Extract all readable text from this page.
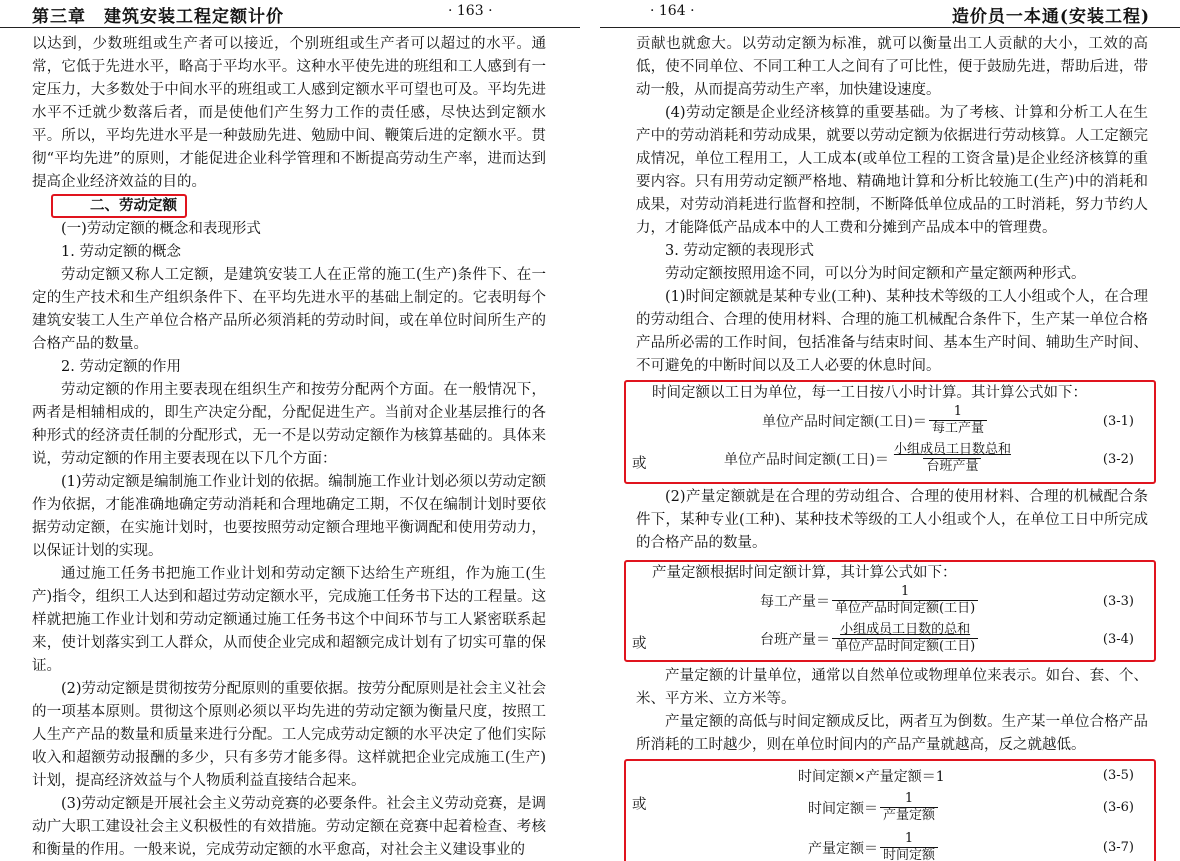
第三章　建筑安装工程定额计价	· 163 ·

以达到，少数班组或生产者可以接近，个别班组或生产者可以超过的水平。通常，它低于先进水平，略高于平均水平。这种水平使先进的班组和工人感到有一定压力，大多数处于中间水平的班组或工人感到定额水平可望也可及。平均先进水平不迁就少数落后者，而是使他们产生努力工作的责任感，尽快达到定额水平。所以，平均先进水平是一种鼓励先进、勉励中间、鞭策后进的定额水平。贯彻“平均先进”的原则，才能促进企业科学管理和不断提高劳动生产率，进而达到提高企业经济效益的目的。

二、劳动定额

(一)劳动定额的概念和表现形式

1. 劳动定额的概念

劳动定额又称人工定额，是建筑安装工人在正常的施工(生产)条件下、在一定的生产技术和生产组织条件下、在平均先进水平的基础上制定的。它表明每个建筑安装工人生产单位合格产品所必须消耗的劳动时间，或在单位时间所生产的合格产品的数量。

2. 劳动定额的作用

劳动定额的作用主要表现在组织生产和按劳分配两个方面。在一般情况下，两者是相辅相成的，即生产决定分配，分配促进生产。当前对企业基层推行的各种形式的经济责任制的分配形式，无一不是以劳动定额作为核算基础的。具体来说，劳动定额的作用主要表现在以下几个方面：

(1)劳动定额是编制施工作业计划的依据。编制施工作业计划必须以劳动定额作为依据，才能准确地确定劳动消耗和合理地确定工期，不仅在编制计划时要依据劳动定额，在实施计划时，也要按照劳动定额合理地平衡调配和使用劳动力，以保证计划的实现。

通过施工任务书把施工作业计划和劳动定额下达给生产班组，作为施工(生产)指令，组织工人达到和超过劳动定额水平，完成施工任务书下达的工程量。这样就把施工作业计划和劳动定额通过施工任务书这个中间环节与工人紧密联系起来，使计划落实到工人群众，从而使企业完成和超额完成计划有了切实可靠的保证。

(2)劳动定额是贯彻按劳分配原则的重要依据。按劳分配原则是社会主义社会的一项基本原则。贯彻这个原则必须以平均先进的劳动定额为衡量尺度，按照工人生产产品的数量和质量来进行分配。工人完成劳动定额的水平决定了他们实际收入和超额劳动报酬的多少，只有多劳才能多得。这样就把企业完成施工(生产)计划，提高经济效益与个人物质利益直接结合起来。

(3)劳动定额是开展社会主义劳动竞赛的必要条件。社会主义劳动竞赛，是调动广大职工建设社会主义积极性的有效措施。劳动定额在竞赛中起着检查、考核和衡量的作用。一般来说，完成劳动定额的水平愈高，对社会主义建设事业的

· 164 ·	造价员一本通(安装工程)

贡献也就愈大。以劳动定额为标准，就可以衡量出工人贡献的大小，工效的高低，使不同单位、不同工种工人之间有了可比性，便于鼓励先进，帮助后进，带动一般，从而提高劳动生产率，加快建设速度。

(4)劳动定额是企业经济核算的重要基础。为了考核、计算和分析工人在生产中的劳动消耗和劳动成果，就要以劳动定额为依据进行劳动核算。人工定额完成情况，单位工程用工，人工成本(或单位工程的工资含量)是企业经济核算的重要内容。只有用劳动定额严格地、精确地计算和分析比较施工(生产)中的消耗和成果，对劳动消耗进行监督和控制，不断降低单位成品的工时消耗，努力节约人力，才能降低产品成本中的人工费和分摊到产品成本中的管理费。

3. 劳动定额的表现形式

劳动定额按照用途不同，可以分为时间定额和产量定额两种形式。

(1)时间定额就是某种专业(工种)、某种技术等级的工人小组或个人，在合理的劳动组合、合理的使用材料、合理的施工机械配合条件下，生产某一单位合格产品所必需的工作时间，包括准备与结束时间、基本生产时间、辅助生产时间、不可避免的中断时间以及工人必要的休息时间。

时间定额以工日为单位，每一工日按八小时计算。其计算公式如下：

单位产品时间定额(工日)＝ $\frac{1}{\text{每工产量}}$	(3-1)
或	单位产品时间定额(工日)＝ $\frac{\text{小组成员工日数总和}}{\text{台班产量}}$	(3-2)

(2)产量定额就是在合理的劳动组合、合理的使用材料、合理的机械配合条件下，某种专业(工种)、某种技术等级的工人小组或个人，在单位工日中所完成的合格产品的数量。

产量定额根据时间定额计算，其计算公式如下：

每工产量＝ $\frac{1}{\text{单位产品时间定额(工日)}}$	(3-3)
或	台班产量＝ $\frac{\text{小组成员工日数的总和}}{\text{单位产品时间定额(工日)}}$	(3-4)

产量定额的计量单位，通常以自然单位或物理单位来表示。如台、套、个、米、平方米、立方米等。

产量定额的高低与时间定额成反比，两者互为倒数。生产某一单位合格产品所消耗的工时越少，则在单位时间内的产品产量就越高，反之就越低。

时间定额×产量定额＝1	(3-5)
或	时间定额＝ $\frac{1}{\text{产量定额}}$	(3-6)
产量定额＝ $\frac{1}{\text{时间定额}}$	(3-7)
